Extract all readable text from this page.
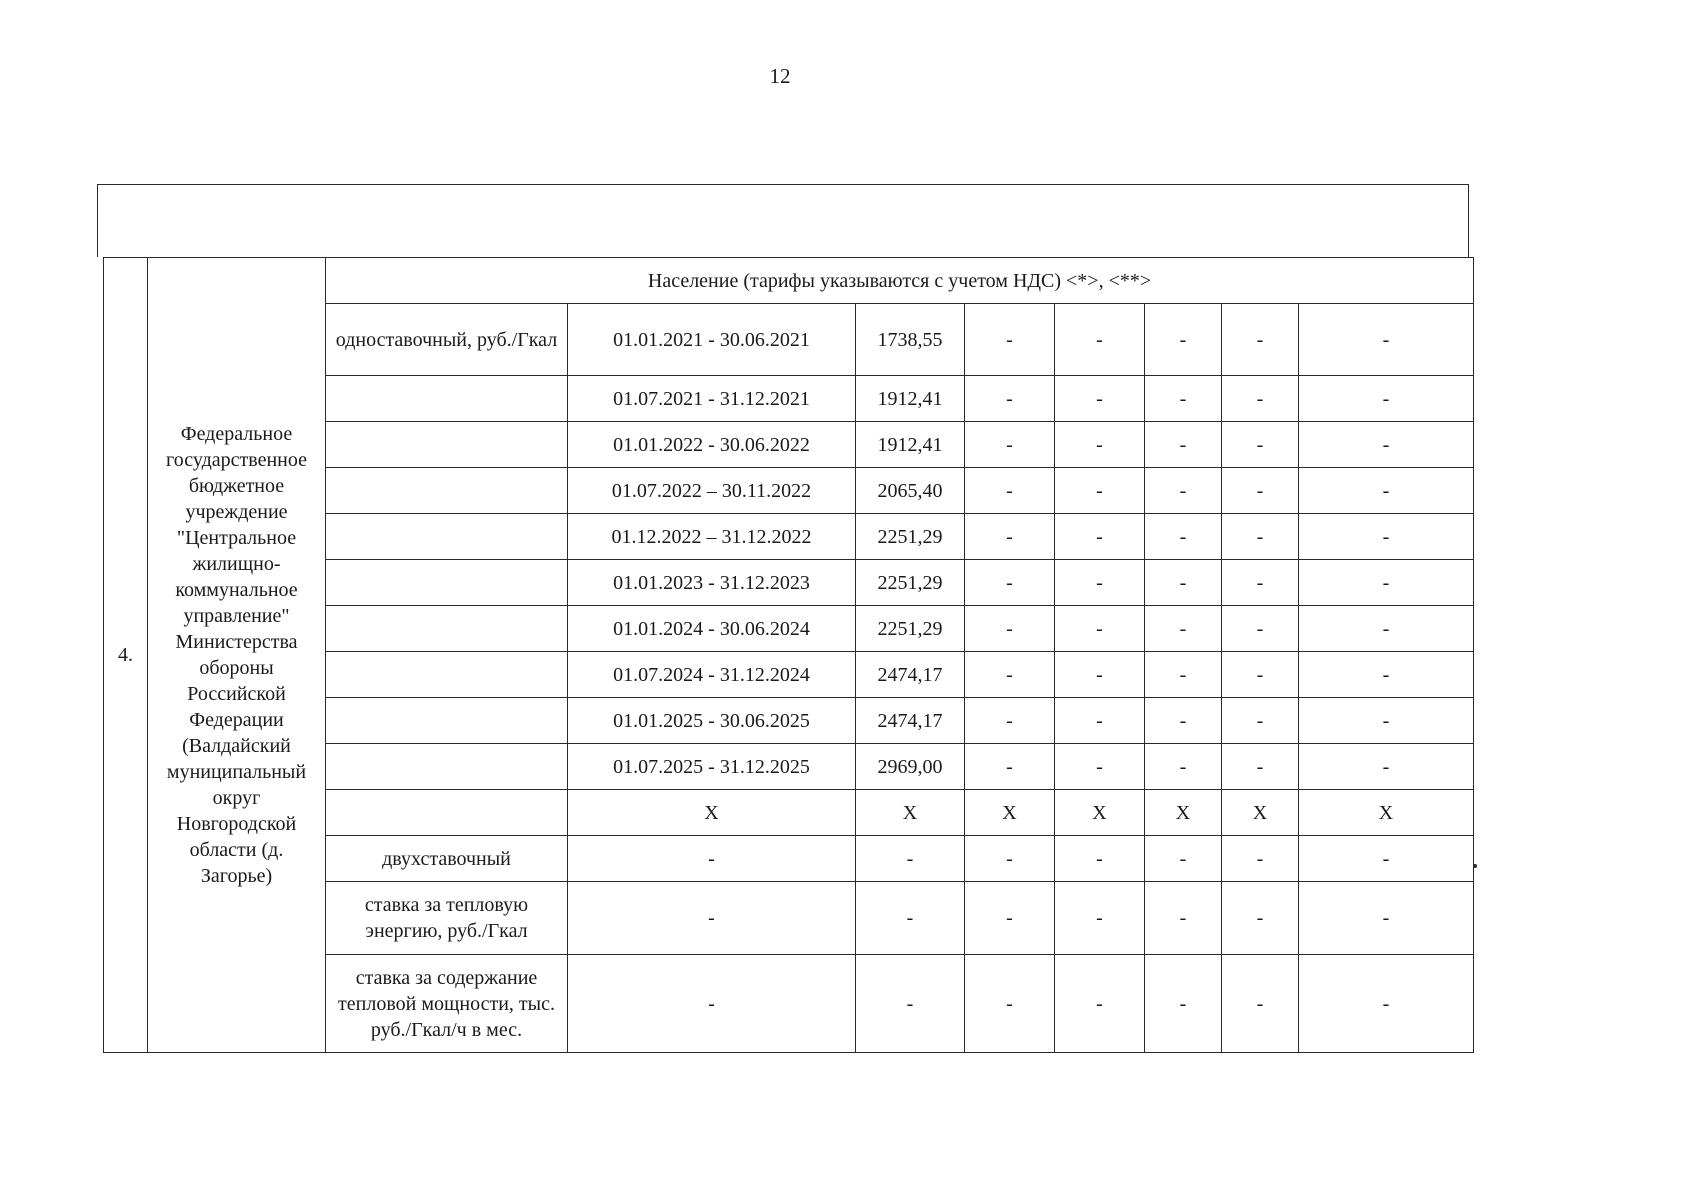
12
4.	Федеральное государственное бюджетное учреждение "Центральное жилищно-коммунальное управление" Министерства обороны Российской Федерации (Валдайский муниципальный округ Новгородской области (д. Загорье)	Население (тарифы указываются с учетом НДС) <*>, <**>							
		одноставочный, руб./Гкал	01.01.2021 - 30.06.2021	1738,55	-	-	-	-	-
			01.07.2021 - 31.12.2021	1912,41	-	-	-	-	-
			01.01.2022 - 30.06.2022	1912,41	-	-	-	-	-
			01.07.2022 – 30.11.2022	2065,40	-	-	-	-	-
			01.12.2022 – 31.12.2022	2251,29	-	-	-	-	-
			01.01.2023 - 31.12.2023	2251,29	-	-	-	-	-
			01.01.2024 - 30.06.2024	2251,29	-	-	-	-	-
			01.07.2024 - 31.12.2024	2474,17	-	-	-	-	-
			01.01.2025 - 30.06.2025	2474,17	-	-	-	-	-
			01.07.2025 - 31.12.2025	2969,00	-	-	-	-	-
			X	X	X	X	X	X	X
		двухставочный	-	-	-	-	-	-	-
		ставка за тепловую энергию, руб./Гкал	-	-	-	-	-	-	-
		ставка за содержание тепловой мощности, тыс. руб./Гкал/ч в мес.	-	-	-	-	-	-	-
